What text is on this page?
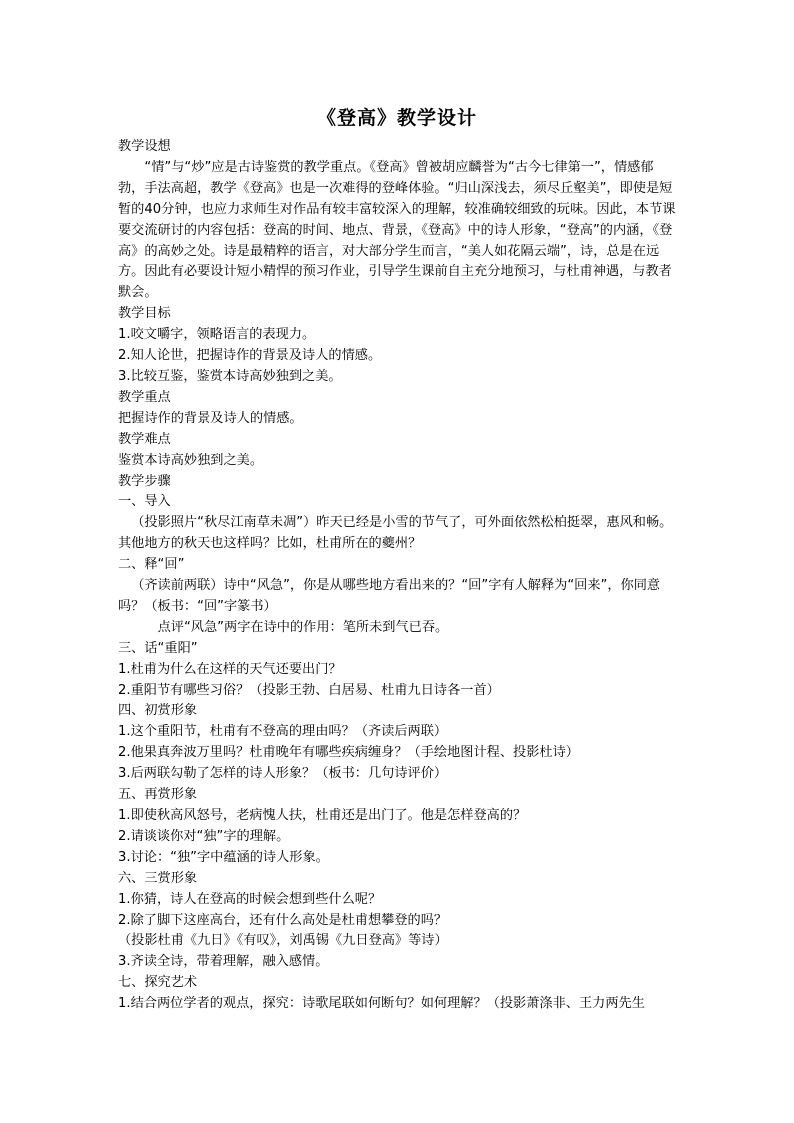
《登高》教学设计

教学设想

“情”与“炒”应是古诗鉴赏的教学重点。《登高》曾被胡应麟誉为“古今七律第一”，情感郁勃，手法高超，教学《登高》也是一次难得的登峰体验。“归山深浅去，须尽丘壑美”，即使是短暂的40分钟，也应力求师生对作品有较丰富较深入的理解，较准确较细致的玩味。因此，本节课要交流研讨的内容包括：登高的时间、地点、背景，《登高》中的诗人形象，“登高”的内涵，《登高》的高妙之处。诗是最精粹的语言，对大部分学生而言，“美人如花隔云端”，诗，总是在远方。因此有必要设计短小精悍的预习作业，引导学生课前自主充分地预习，与杜甫神遇，与教者默会。

教学目标

1.咬文嚼字，领略语言的表现力。

2.知人论世，把握诗作的背景及诗人的情感。

3.比较互鉴，鉴赏本诗高妙独到之美。

教学重点

把握诗作的背景及诗人的情感。

教学难点

鉴赏本诗高妙独到之美。

教学步骤

一、导入

（投影照片“秋尽江南草未凋”）昨天已经是小雪的节气了，可外面依然松柏挺翠，惠风和畅。其他地方的秋天也这样吗？比如，杜甫所在的夔州？

二、释“回”

（齐读前两联）诗中“风急”，你是从哪些地方看出来的？“回”字有人解释为“回来”，你同意吗？（板书：“回”字篆书）

点评“风急”两字在诗中的作用：笔所未到气已吞。

三、话“重阳”

1.杜甫为什么在这样的天气还要出门？

2.重阳节有哪些习俗？（投影王勃、白居易、杜甫九日诗各一首）

四、初赏形象

1.这个重阳节，杜甫有不登高的理由吗？（齐读后两联）

2.他果真奔波万里吗？杜甫晚年有哪些疾病缠身？（手绘地图计程、投影杜诗）

3.后两联勾勒了怎样的诗人形象？（板书：几句诗评价）

五、再赏形象

1.即使秋高风怒号，老病愧人扶，杜甫还是出门了。他是怎样登高的？

2.请谈谈你对“独”字的理解。

3.讨论：“独”字中蕴涵的诗人形象。

六、三赏形象

1.你猜，诗人在登高的时候会想到些什么呢？

2.除了脚下这座高台，还有什么高处是杜甫想攀登的吗？

（投影杜甫《九日》《有叹》，刘禹锡《九日登高》等诗）

3.齐读全诗，带着理解，融入感情。

七、探究艺术

1.结合两位学者的观点，探究：诗歌尾联如何断句？如何理解？（投影萧涤非、王力两先生
